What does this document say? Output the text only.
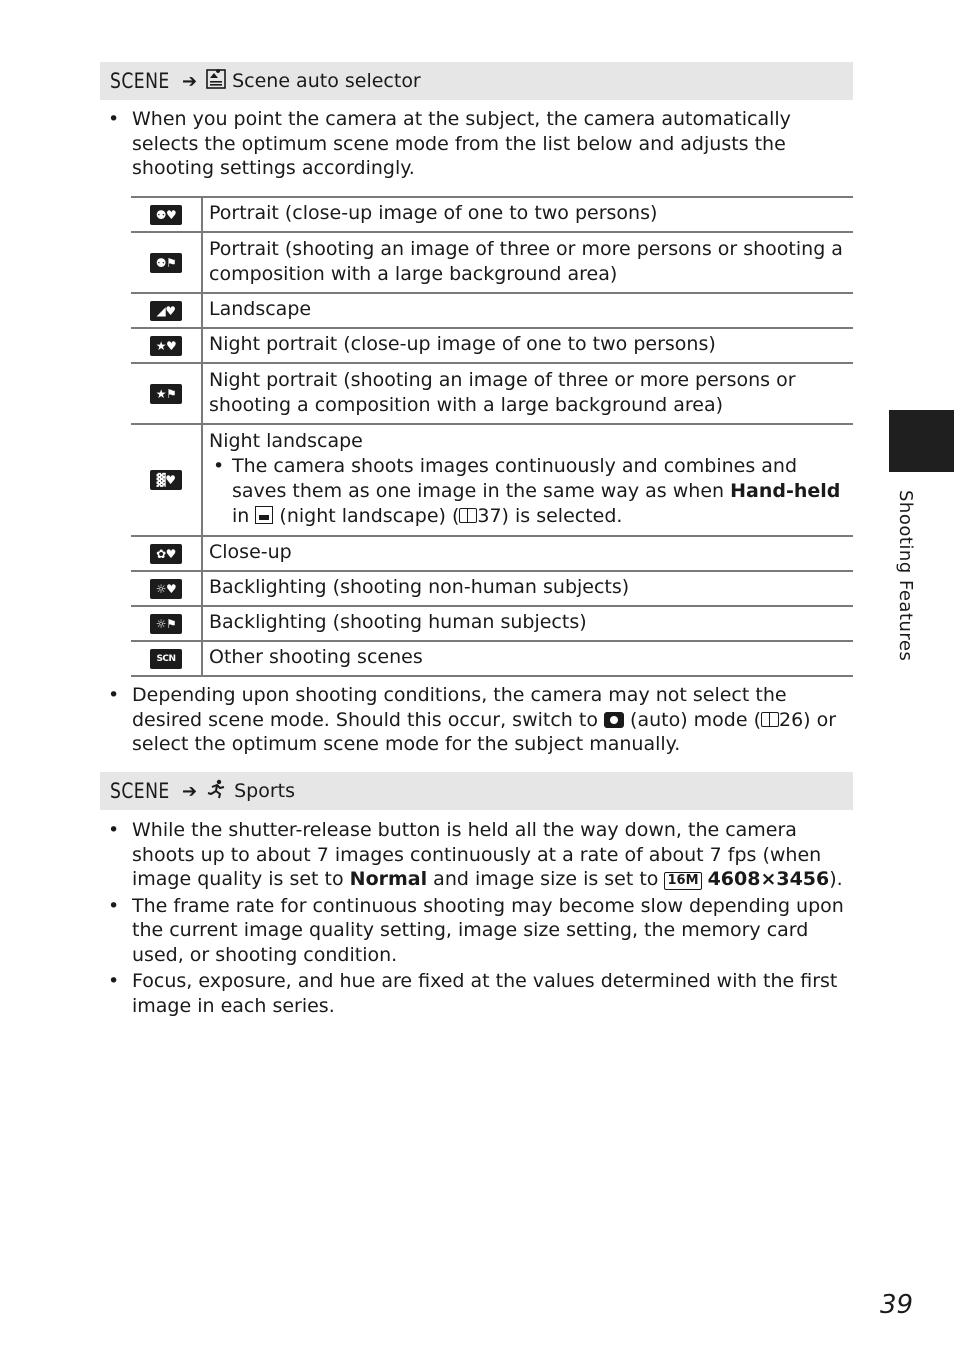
SCENE ➔ Scene auto selector
• When you point the camera at the subject, the camera automatically selects the optimum scene mode from the list below and adjusts the shooting settings accordingly.
⚉♥	Portrait (close-up image of one to two persons)
⚉⚑	Portrait (shooting an image of three or more persons or shooting a composition with a large background area)
◢♥	Landscape
★♥	Night portrait (close-up image of one to two persons)
★⚑	Night portrait (shooting an image of three or more persons or shooting a composition with a large background area)
▓♥	Night landscape
• The camera shoots images continuously and combines and saves them as one image in the same way as when Hand-held in  (night landscape) ( 37) is selected.

✿♥	Close-up
☼♥	Backlighting (shooting non-human subjects)
☼⚑	Backlighting (shooting human subjects)
SCN	Other shooting scenes
• Depending upon shooting conditions, the camera may not select the desired scene mode. Should this occur, switch to  (auto) mode ( 26) or select the optimum scene mode for the subject manually.
SCENE ➔ Sports
• While the shutter-release button is held all the way down, the camera shoots up to about 7 images continuously at a rate of about 7 fps (when image quality is set to Normal and image size is set to 16M 4608×3456).
• The frame rate for continuous shooting may become slow depending upon the current image quality setting, image size setting, the memory card used, or shooting condition.
• Focus, exposure, and hue are fixed at the values determined with the first image in each series.
Shooting Features
39
